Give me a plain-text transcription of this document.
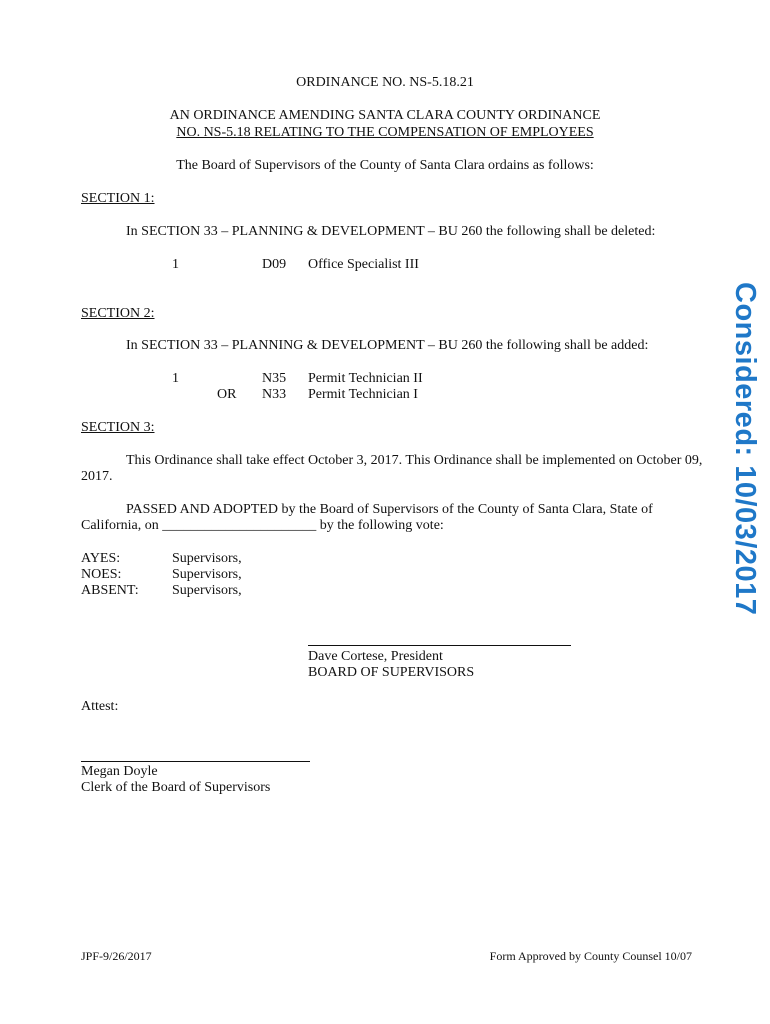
ORDINANCE NO. NS-5.18.21
AN ORDINANCE AMENDING SANTA CLARA COUNTY ORDINANCE
NO. NS-5.18 RELATING TO THE COMPENSATION OF EMPLOYEES
The Board of Supervisors of the County of Santa Clara ordains as follows:
SECTION 1:
In SECTION 33 – PLANNING & DEVELOPMENT – BU 260 the following shall be deleted:
1	D09 Office Specialist III
SECTION 2:
In SECTION 33 – PLANNING & DEVELOPMENT – BU 260 the following shall be added:
1	N35 Permit Technician II
OR N33 Permit Technician I
SECTION 3:
This Ordinance shall take effect October 3, 2017. This Ordinance shall be implemented on October 09,
2017.
PASSED AND ADOPTED by the Board of Supervisors of the County of Santa Clara, State of
California, on ______________________ by the following vote:
AYES:	Supervisors,
NOES:	Supervisors,
ABSENT: Supervisors,
Dave Cortese, President
BOARD OF SUPERVISORS
Attest:
Megan Doyle
Clerk of the Board of Supervisors
JPF-9/26/2017	Form Approved by County Counsel 10/07
Considered: 10/03/2017
